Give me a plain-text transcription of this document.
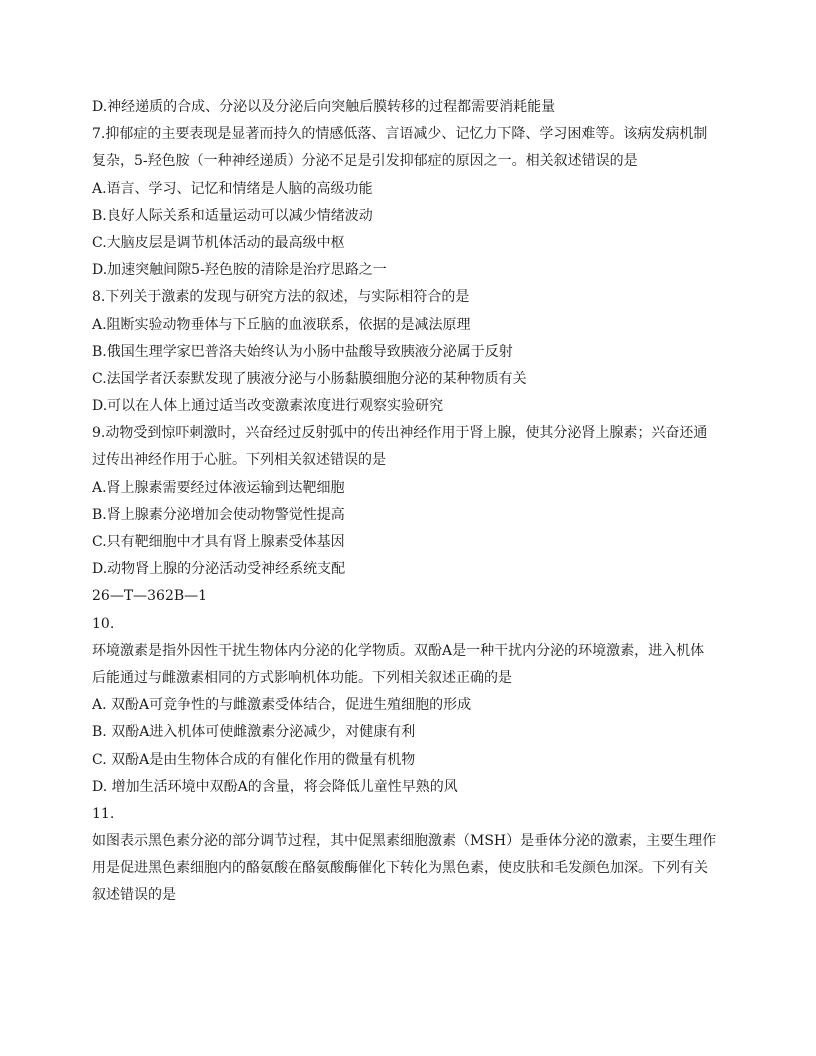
D.神经递质的合成、分泌以及分泌后向突触后膜转移的过程都需要消耗能量
7.抑郁症的主要表现是显著而持久的情感低落、言语减少、记忆力下降、学习困难等。该病发病机制
复杂，5-羟色胺（一种神经递质）分泌不足是引发抑郁症的原因之一。相关叙述错误的是
A.语言、学习、记忆和情绪是人脑的高级功能
B.良好人际关系和适量运动可以减少情绪波动
C.大脑皮层是调节机体活动的最高级中枢
D.加速突触间隙5-羟色胺的清除是治疗思路之一
8.下列关于激素的发现与研究方法的叙述，与实际相符合的是
A.阻断实验动物垂体与下丘脑的血液联系，依据的是减法原理
B.俄国生理学家巴普洛夫始终认为小肠中盐酸导致胰液分泌属于反射
C.法国学者沃泰默发现了胰液分泌与小肠黏膜细胞分泌的某种物质有关
D.可以在人体上通过适当改变激素浓度进行观察实验研究
9.动物受到惊吓刺激时，兴奋经过反射弧中的传出神经作用于肾上腺，使其分泌肾上腺素；兴奋还通
过传出神经作用于心脏。下列相关叙述错误的是
A.肾上腺素需要经过体液运输到达靶细胞
B.肾上腺素分泌增加会使动物警觉性提高
C.只有靶细胞中才具有肾上腺素受体基因
D.动物肾上腺的分泌活动受神经系统支配
26—T—362B—1
10.
环境激素是指外因性干扰生物体内分泌的化学物质。双酚A是一种干扰内分泌的环境激素，进入机体
后能通过与雌激素相同的方式影响机体功能。下列相关叙述正确的是
A. 双酚A可竞争性的与雌激素受体结合，促进生殖细胞的形成
B. 双酚A进入机体可使雌激素分泌减少，对健康有利
C. 双酚A是由生物体合成的有催化作用的微量有机物
D. 增加生活环境中双酚A的含量，将会降低儿童性早熟的风
11.
如图表示黑色素分泌的部分调节过程，其中促黑素细胞激素（MSH）是垂体分泌的激素，主要生理作
用是促进黑色素细胞内的酪氨酸在酪氨酸酶催化下转化为黑色素，使皮肤和毛发颜色加深。下列有关
叙述错误的是
